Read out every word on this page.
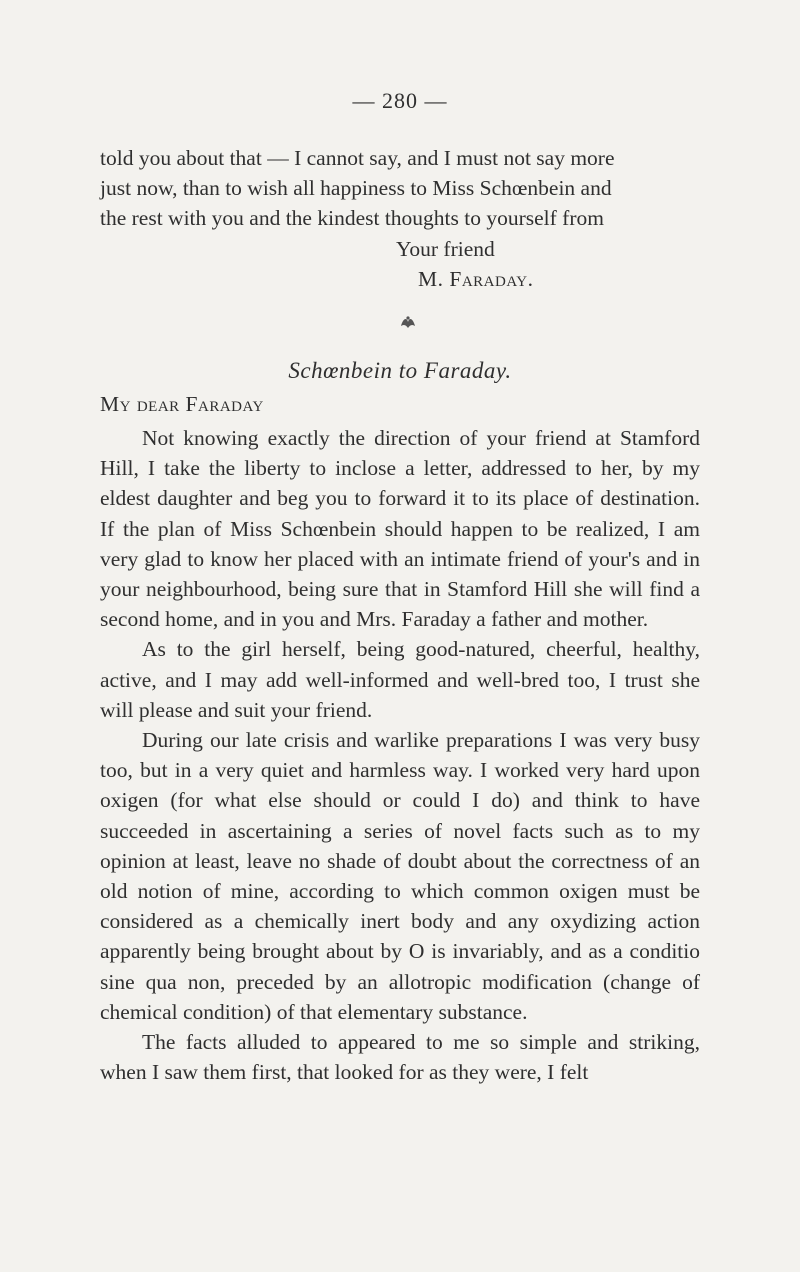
— 280 —

told you about that — I cannot say, and I must not say more

just now, than to wish all happiness to Miss Schœnbein and

the rest with you and the kindest thoughts to yourself from

Your friend
M. Faraday.
Schœnbein to Faraday.
My dear Faraday

Not knowing exactly the direction of your friend at Stamford Hill, I take the liberty to inclose a letter, addressed to her, by my eldest daughter and beg you to forward it to its place of destination. If the plan of Miss Schœnbein should happen to be realized, I am very glad to know her placed with an intimate friend of your's and in your neighbourhood, being sure that in Stamford Hill she will find a second home, and in you and Mrs. Faraday a father and mother.

As to the girl herself, being good-natured, cheerful, healthy, active, and I may add well-informed and well-bred too, I trust she will please and suit your friend.

During our late crisis and warlike preparations I was very busy too, but in a very quiet and harmless way. I worked very hard upon oxigen (for what else should or could I do) and think to have succeeded in ascertaining a series of novel facts such as to my opinion at least, leave no shade of doubt about the correctness of an old notion of mine, according to which common oxigen must be considered as a chemically inert body and any oxydizing action apparently being brought about by O is invariably, and as a conditio sine qua non, preceded by an allotropic modification (change of chemical condition) of that elementary substance.

The facts alluded to appeared to me so simple and striking, when I saw them first, that looked for as they were, I felt
